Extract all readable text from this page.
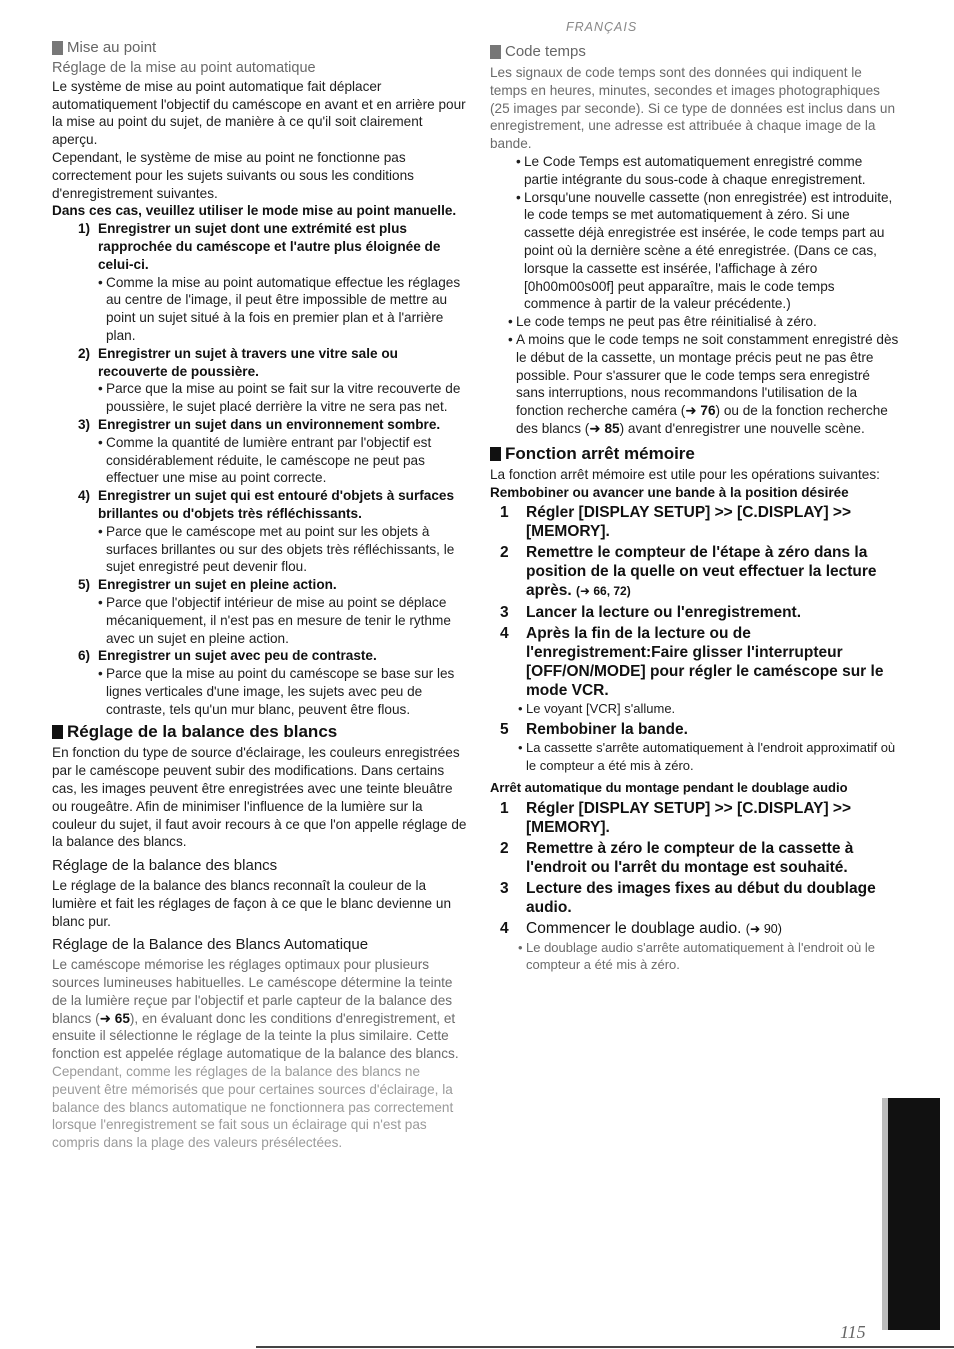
FRANÇAIS
Mise au point

Réglage de la mise au point automatique

Le système de mise au point automatique fait déplacer automatiquement l'objectif du caméscope en avant et en arrière pour la mise au point du sujet, de manière à ce qu'il soit clairement aperçu.

Cependant, le système de mise au point ne fonctionne pas correctement pour les sujets suivants ou sous les conditions d'enregistrement suivantes.

Dans ces cas, veuillez utiliser le mode mise au point manuelle.

1) Enregistrer un sujet dont une extrémité est plus rapprochée du caméscope et l'autre plus éloignée de celui-ci.
• Comme la mise au point automatique effectue les réglages au centre de l'image, il peut être impossible de mettre au point un sujet situé à la fois en premier plan et à l'arrière plan.
2) Enregistrer un sujet à travers une vitre sale ou recouverte de poussière.
• Parce que la mise au point se fait sur la vitre recouverte de poussière, le sujet placé derrière la vitre ne sera pas net.
3) Enregistrer un sujet dans un environnement sombre.
• Comme la quantité de lumière entrant par l'objectif est considérablement réduite, le caméscope ne peut pas effectuer une mise au point correcte.
4) Enregistrer un sujet qui est entouré d'objets à surfaces brillantes ou d'objets très réfléchissants.
• Parce que le caméscope met au point sur les objets à surfaces brillantes ou sur des objets très réfléchissants, le sujet enregistré peut devenir flou.
5) Enregistrer un sujet en pleine action.
• Parce que l'objectif intérieur de mise au point se déplace mécaniquement, il n'est pas en mesure de tenir le rythme avec un sujet en pleine action.
6) Enregistrer un sujet avec peu de contraste.
• Parce que la mise au point du caméscope se base sur les lignes verticales d'une image, les sujets avec peu de contraste, tels qu'un mur blanc, peuvent être flous.
Réglage de la balance des blancs

En fonction du type de source d'éclairage, les couleurs enregistrées par le caméscope peuvent subir des modifications. Dans certains cas, les images peuvent être enregistrées avec une teinte bleuâtre ou rougeâtre. Afin de minimiser l'influence de la lumière sur la couleur du sujet, il faut avoir recours à ce que l'on appelle réglage de la balance des blancs.

Réglage de la balance des blancs

Le réglage de la balance des blancs reconnaît la couleur de la lumière et fait les réglages de façon à ce que le blanc devienne un blanc pur.

Réglage de la Balance des Blancs Automatique

Le caméscope mémorise les réglages optimaux pour plusieurs sources lumineuses habituelles. Le caméscope détermine la teinte de la lumière reçue par l'objectif et parle capteur de la balance des blancs (➜ 65), en évaluant donc les conditions d'enregistrement, et ensuite il sélectionne le réglage de la teinte la plus similaire. Cette fonction est appelée réglage automatique de la balance des blancs.

Cependant, comme les réglages de la balance des blancs ne peuvent être mémorisés que pour certaines sources d'éclairage, la balance des blancs automatique ne fonctionnera pas correctement lorsque l'enregistrement se fait sous un éclairage qui n'est pas compris dans la plage des valeurs présélectées.

Code temps

Les signaux de code temps sont des données qui indiquent le temps en heures, minutes, secondes et images photographiques (25 images par seconde). Si ce type de données est inclus dans un enregistrement, une adresse est attribuée à chaque image de la bande.

• Le Code Temps est automatiquement enregistré comme partie intégrante du sous-code à chaque enregistrement.
• Lorsqu'une nouvelle cassette (non enregistrée) est introduite, le code temps se met automatiquement à zéro. Si une cassette déjà enregistrée est insérée, le code temps part au point où la dernière scène a été enregistrée. (Dans ce cas, lorsque la cassette est insérée, l'affichage à zéro [0h00m00s00f] peut apparaître, mais le code temps commence à partir de la valeur précédente.)
• Le code temps ne peut pas être réinitialisé à zéro.
• A moins que le code temps ne soit constamment enregistré dès le début de la cassette, un montage précis peut ne pas être possible. Pour s'assurer que le code temps sera enregistré sans interruptions, nous recommandons l'utilisation de la fonction recherche caméra (➜ 76) ou de la fonction recherche des blancs (➜ 85) avant d'enregistrer une nouvelle scène.
Fonction arrêt mémoire

La fonction arrêt mémoire est utile pour les opérations suivantes:

Rembobiner ou avancer une bande à la position désirée

1	Régler [DISPLAY SETUP] >> [C.DISPLAY] >> [MEMORY].
2	Remettre le compteur de l'étape à zéro dans la position de la quelle on veut effectuer la lecture après. (➜ 66, 72)
3	Lancer la lecture ou l'enregistrement.
4	Après la fin de la lecture ou de l'enregistrement:Faire glisser l'interrupteur [OFF/ON/MODE] pour régler le caméscope sur le mode VCR.
• Le voyant [VCR] s'allume.
5	Rembobiner la bande.
• La cassette s'arrête automatiquement à l'endroit approximatif où le compteur a été mis à zéro.

Arrêt automatique du montage pendant le doublage audio

1	Régler [DISPLAY SETUP] >> [C.DISPLAY] >> [MEMORY].
2	Remettre à zéro le compteur de la cassette à l'endroit ou l'arrêt du montage est souhaité.
3	Lecture des images fixes au début du doublage audio.
4	Commencer le doublage audio. (➜ 90)
• Le doublage audio s'arrête automatiquement à l'endroit où le compteur a été mis à zéro.
115
